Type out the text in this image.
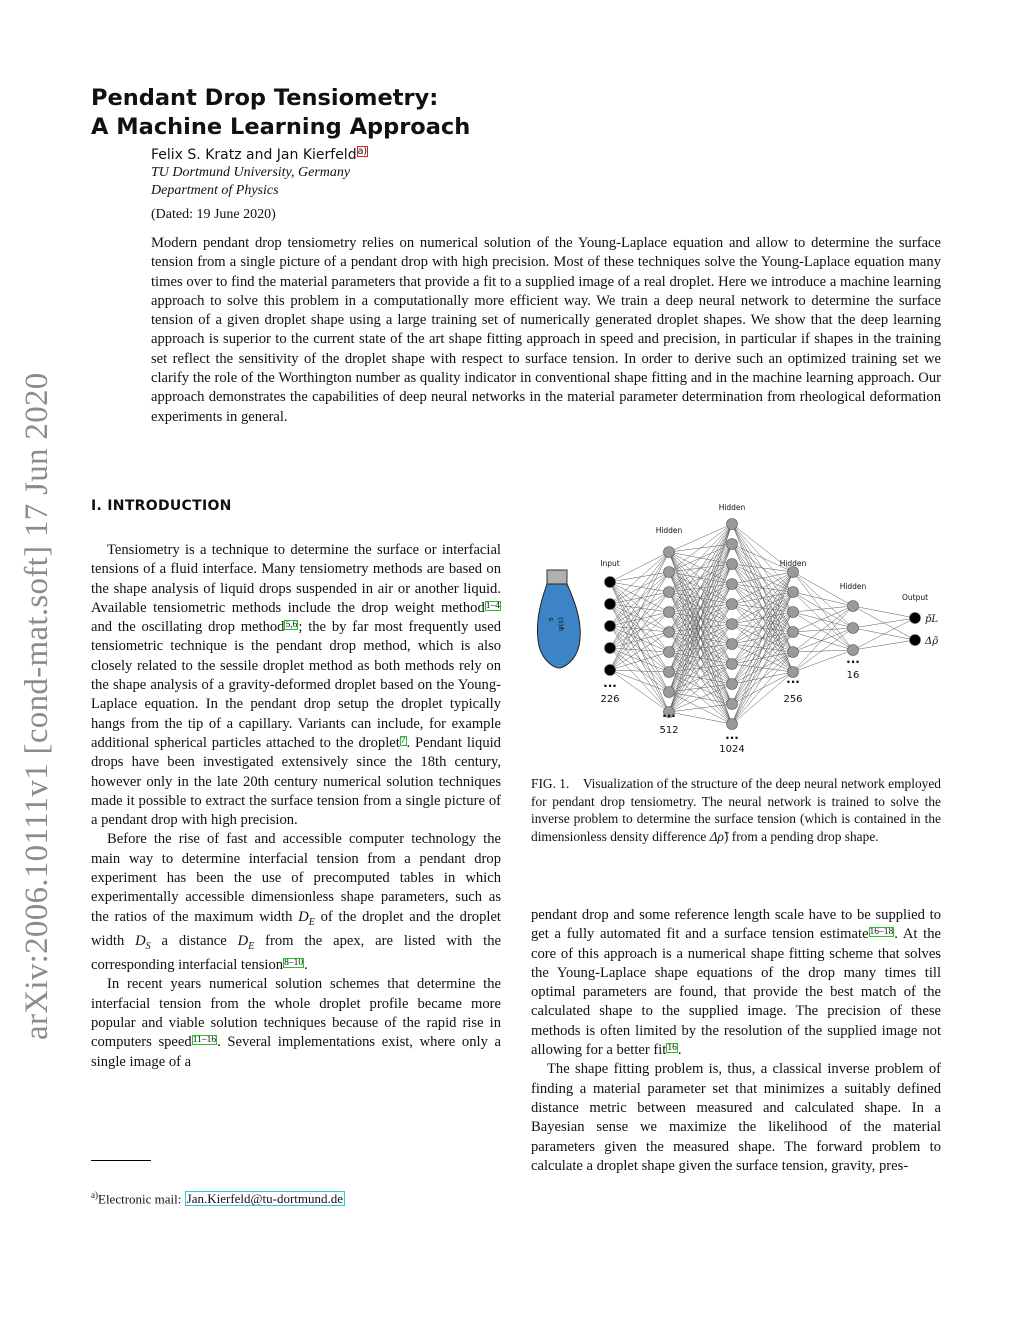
arXiv:2006.10111v1 [cond-mat.soft] 17 Jun 2020
Pendant Drop Tensiometry:
A Machine Learning Approach
Felix S. Kratz and Jan Kierfeld$^{a)}$
TU Dortmund University, Germany
Department of Physics
(Dated: 19 June 2020)
Modern pendant drop tensiometry relies on numerical solution of the Young-Laplace equation and allow to determine the surface tension from a single picture of a pendant drop with high precision. Most of these techniques solve the Young-Laplace equation many times over to find the material parameters that provide a fit to a supplied image of a real droplet. Here we introduce a machine learning approach to solve this problem in a computationally more efficient way. We train a deep neural network to determine the surface tension of a given droplet shape using a large training set of numerically generated droplet shapes. We show that the deep learning approach is superior to the current state of the art shape fitting approach in speed and precision, in particular if shapes in the training set reflect the sensitivity of the droplet shape with respect to surface tension. In order to derive such an optimized training set we clarify the role of the Worthington number as quality indicator in conventional shape fitting and in the machine learning approach. Our approach demonstrates the capabilities of deep neural networks in the material parameter determination from rheological deformation experiments in general.
I. INTRODUCTION

Tensiometry is a technique to determine the surface or interfacial tensions of a fluid interface. Many tensiometry methods are based on the shape analysis of liquid drops suspended in air or another liquid. Available tensiometric methods include the drop weight method$^{1-4}$ and the oscillating drop method$^{5,6}$; the by far most frequently used tensiometric technique is the pendant drop method, which is also closely related to the sessile droplet method as both methods rely on the shape analysis of a gravity-deformed droplet based on the Young-Laplace equation. In the pendant drop setup the droplet typically hangs from the tip of a capillary. Variants can include, for example additional spherical particles attached to the droplet$^7$. Pendant liquid drops have been investigated extensively since the 18th century, however only in the late 20th century numerical solution techniques made it possible to extract the surface tension from a single picture of a pendant drop with high precision.

Before the rise of fast and accessible computer technology the main way to determine interfacial tension from a pendant drop experiment has been the use of precomputed tables in which experimentally accessible dimensionless shape parameters, such as the ratios of the maximum width $D_E$ of the droplet and the droplet width $D_S$ a distance $D_E$ from the apex, are listed with the corresponding interfacial tension$^{8-10}$.

In recent years numerical solution schemes that determine the interfacial tension from the whole droplet profile became more popular and viable solution techniques because of the rapid rise in computers speed$^{11-16}$. Several implementations exist, where only a single image of a

s ψ(s)
Input
···
226
Hidden
···
512
Hidden
···
1024
Hidden
···
256
Hidden
···
16
Output
p̃L
Δρ̃
FIG. 1. Visualization of the structure of the deep neural network employed for pendant drop tensiometry. The neural network is trained to solve the inverse problem to determine the surface tension (which is contained in the dimensionless density difference Δρ̃) from a pending drop shape.

pendant drop and some reference length scale have to be supplied to get a fully automated fit and a surface tension estimate$^{16-18}$. At the core of this approach is a numerical shape fitting scheme that solves the Young-Laplace shape equations of the drop many times till optimal parameters are found, that provide the best match of the calculated shape to the supplied image. The precision of these methods is often limited by the resolution of the supplied image not allowing for a better fit$^{16}$.

The shape fitting problem is, thus, a classical inverse problem of finding a material parameter set that minimizes a suitably defined distance metric between measured and calculated shape. In a Bayesian sense we maximize the likelihood of the material parameters given the measured shape. The forward problem to calculate a droplet shape given the surface tension, gravity, pres-

$^{a)}$Electronic mail: Jan.Kierfeld@tu-dortmund.de
